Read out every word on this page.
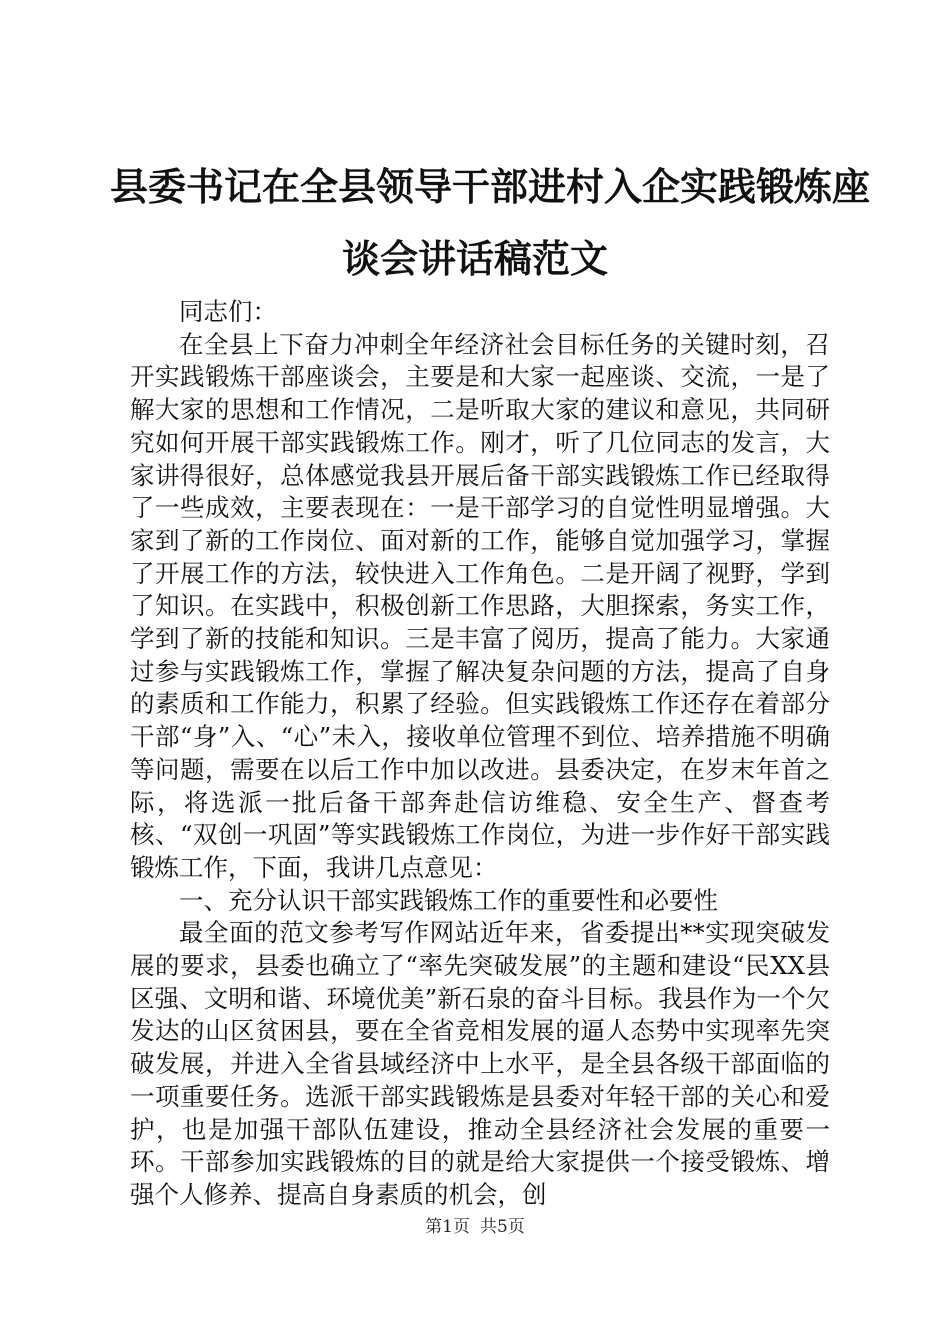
县委书记在全县领导干部进村入企实践锻炼座
谈会讲话稿范文

同志们：

在全县上下奋力冲刺全年经济社会目标任务的关键时刻，召开实践锻炼干部座谈会，主要是和大家一起座谈、交流，一是了解大家的思想和工作情况，二是听取大家的建议和意见，共同研究如何开展干部实践锻炼工作。刚才，听了几位同志的发言，大家讲得很好，总体感觉我县开展后备干部实践锻炼工作已经取得了一些成效，主要表现在：一是干部学习的自觉性明显增强。大家到了新的工作岗位、面对新的工作，能够自觉加强学习，掌握了开展工作的方法，较快进入工作角色。二是开阔了视野，学到了知识。在实践中，积极创新工作思路，大胆探索，务实工作，学到了新的技能和知识。三是丰富了阅历，提高了能力。大家通过参与实践锻炼工作，掌握了解决复杂问题的方法，提高了自身的素质和工作能力，积累了经验。但实践锻炼工作还存在着部分干部“身”入、“心”未入，接收单位管理不到位、培养措施不明确等问题，需要在以后工作中加以改进。县委决定，在岁末年首之际，将选派一批后备干部奔赴信访维稳、安全生产、督查考核、“双创一巩固”等实践锻炼工作岗位，为进一步作好干部实践锻炼工作，下面，我讲几点意见：

一、充分认识干部实践锻炼工作的重要性和必要性

最全面的范文参考写作网站近年来，省委提出**实现突破发展的要求，县委也确立了“率先突破发展”的主题和建设“民XX县区强、文明和谐、环境优美”新石泉的奋斗目标。我县作为一个欠发达的山区贫困县，要在全省竞相发展的逼人态势中实现率先突破发展，并进入全省县域经济中上水平，是全县各级干部面临的一项重要任务。选派干部实践锻炼是县委对年轻干部的关心和爱护，也是加强干部队伍建设，推动全县经济社会发展的重要一环。干部参加实践锻炼的目的就是给大家提供一个接受锻炼、增强个人修养、提高自身素质的机会，创

第1页 共5页
